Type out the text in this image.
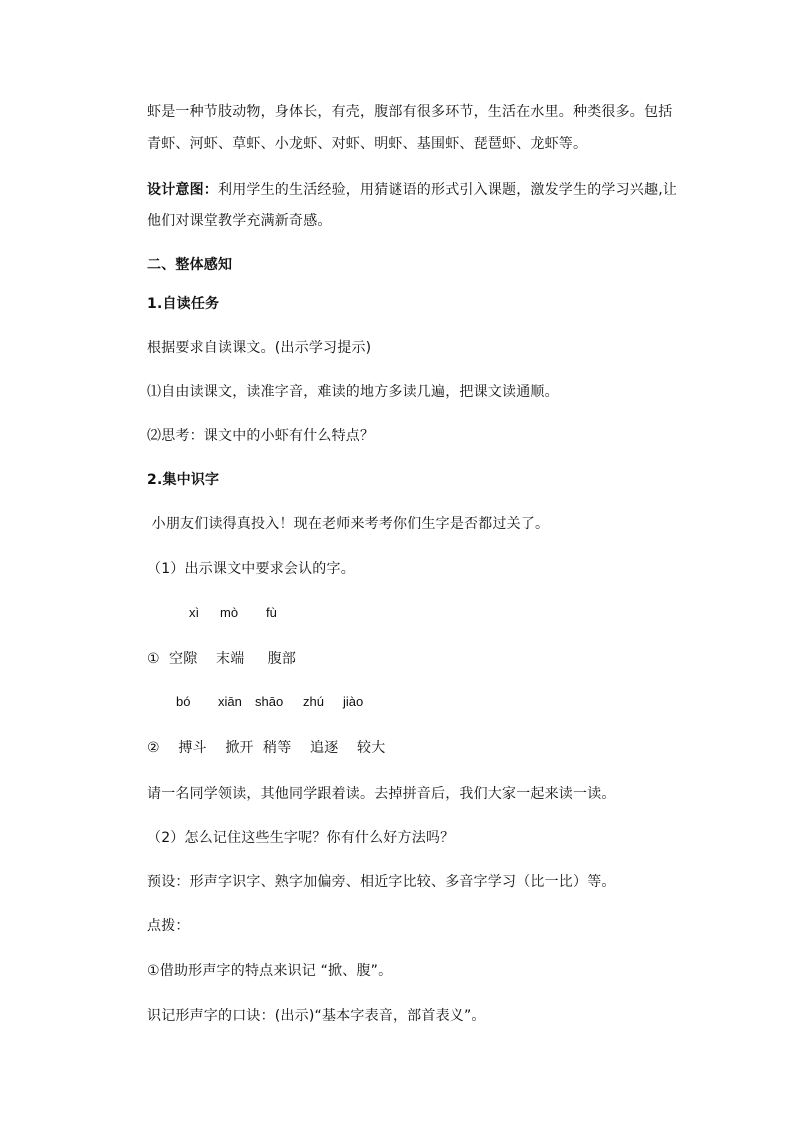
虾是一种节肢动物，身体长，有壳，腹部有很多环节，生活在水里。种类很多。包括
青虾、河虾、草虾、小龙虾、对虾、明虾、基围虾、琵琶虾、龙虾等。
设计意图：利用学生的生活经验，用猜谜语的形式引入课题，激发学生的学习兴趣,让
他们对课堂教学充满新奇感。
二、整体感知
1.自读任务
根据要求自读课文。(出示学习提示)
⑴自由读课文，读准字音，难读的地方多读几遍，把课文读通顺。
⑵思考：课文中的小虾有什么特点？
2.集中识字
小朋友们读得真投入！现在老师来考考你们生字是否都过关了。
（1）出示课文中要求会认的字。
xì mò fù
①  空隙    末端     腹部
bó xiān shāo zhú jiào
②    搏斗    掀开  稍等    追逐    较大
请一名同学领读，其他同学跟着读。去掉拼音后，我们大家一起来读一读。
（2）怎么记住这些生字呢？你有什么好方法吗？
预设：形声字识字、熟字加偏旁、相近字比较、多音字学习（比一比）等。
点拨：
①借助形声字的特点来识记 “掀、腹”。
识记形声字的口诀：(出示)“基本字表音，部首表义”。
